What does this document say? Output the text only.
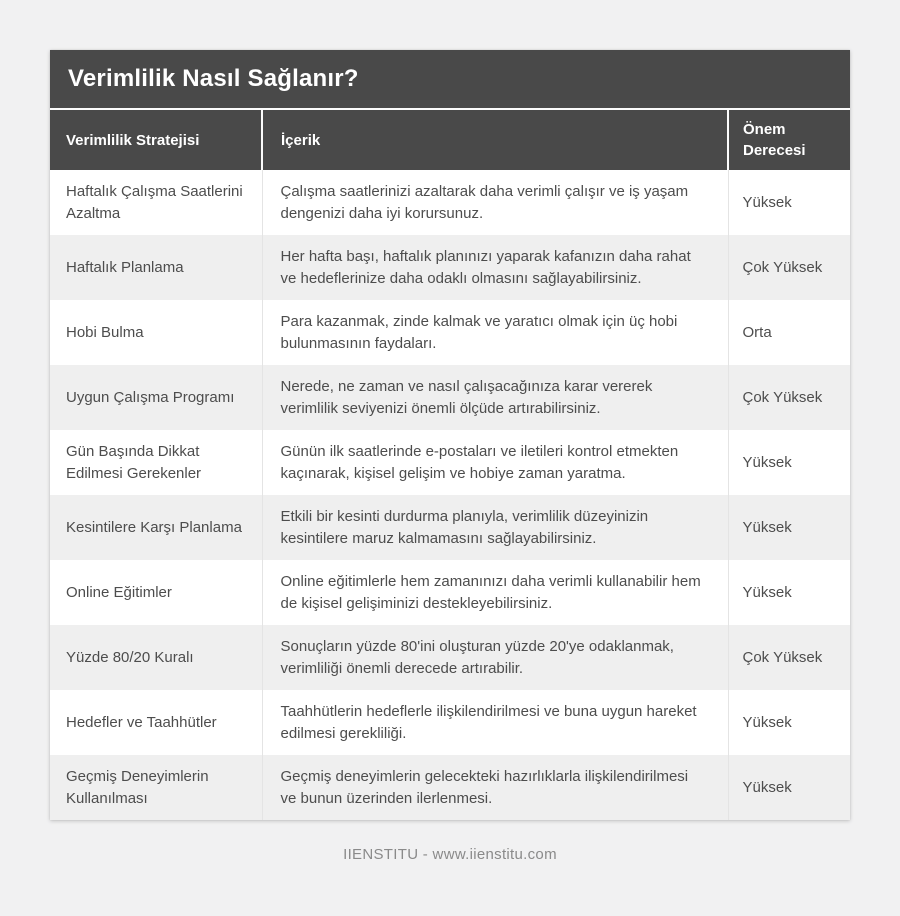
Verimlilik Nasıl Sağlanır?
Verimlilik Stratejisi	İçerik	Önem Derecesi
Haftalık Çalışma Saatlerini Azaltma	Çalışma saatlerinizi azaltarak daha verimli çalışır ve iş yaşam dengenizi daha iyi korursunuz.	Yüksek
Haftalık Planlama	Her hafta başı, haftalık planınızı yaparak kafanızın daha rahat ve hedeflerinize daha odaklı olmasını sağlayabilirsiniz.	Çok Yüksek
Hobi Bulma	Para kazanmak, zinde kalmak ve yaratıcı olmak için üç hobi bulunmasının faydaları.	Orta
Uygun Çalışma Programı	Nerede, ne zaman ve nasıl çalışacağınıza karar vererek verimlilik seviyenizi önemli ölçüde artırabilirsiniz.	Çok Yüksek
Gün Başında Dikkat Edilmesi Gerekenler	Günün ilk saatlerinde e-postaları ve iletileri kontrol etmekten kaçınarak, kişisel gelişim ve hobiye zaman yaratma.	Yüksek
Kesintilere Karşı Planlama	Etkili bir kesinti durdurma planıyla, verimlilik düzeyinizin kesintilere maruz kalmamasını sağlayabilirsiniz.	Yüksek
Online Eğitimler	Online eğitimlerle hem zamanınızı daha verimli kullanabilir hem de kişisel gelişiminizi destekleyebilirsiniz.	Yüksek
Yüzde 80/20 Kuralı	Sonuçların yüzde 80'ini oluşturan yüzde 20'ye odaklanmak, verimliliği önemli derecede artırabilir.	Çok Yüksek
Hedefler ve Taahhütler	Taahhütlerin hedeflerle ilişkilendirilmesi ve buna uygun hareket edilmesi gerekliliği.	Yüksek
Geçmiş Deneyimlerin Kullanılması	Geçmiş deneyimlerin gelecekteki hazırlıklarla ilişkilendirilmesi ve bunun üzerinden ilerlenmesi.	Yüksek
IIENSTITU - www.iienstitu.com
